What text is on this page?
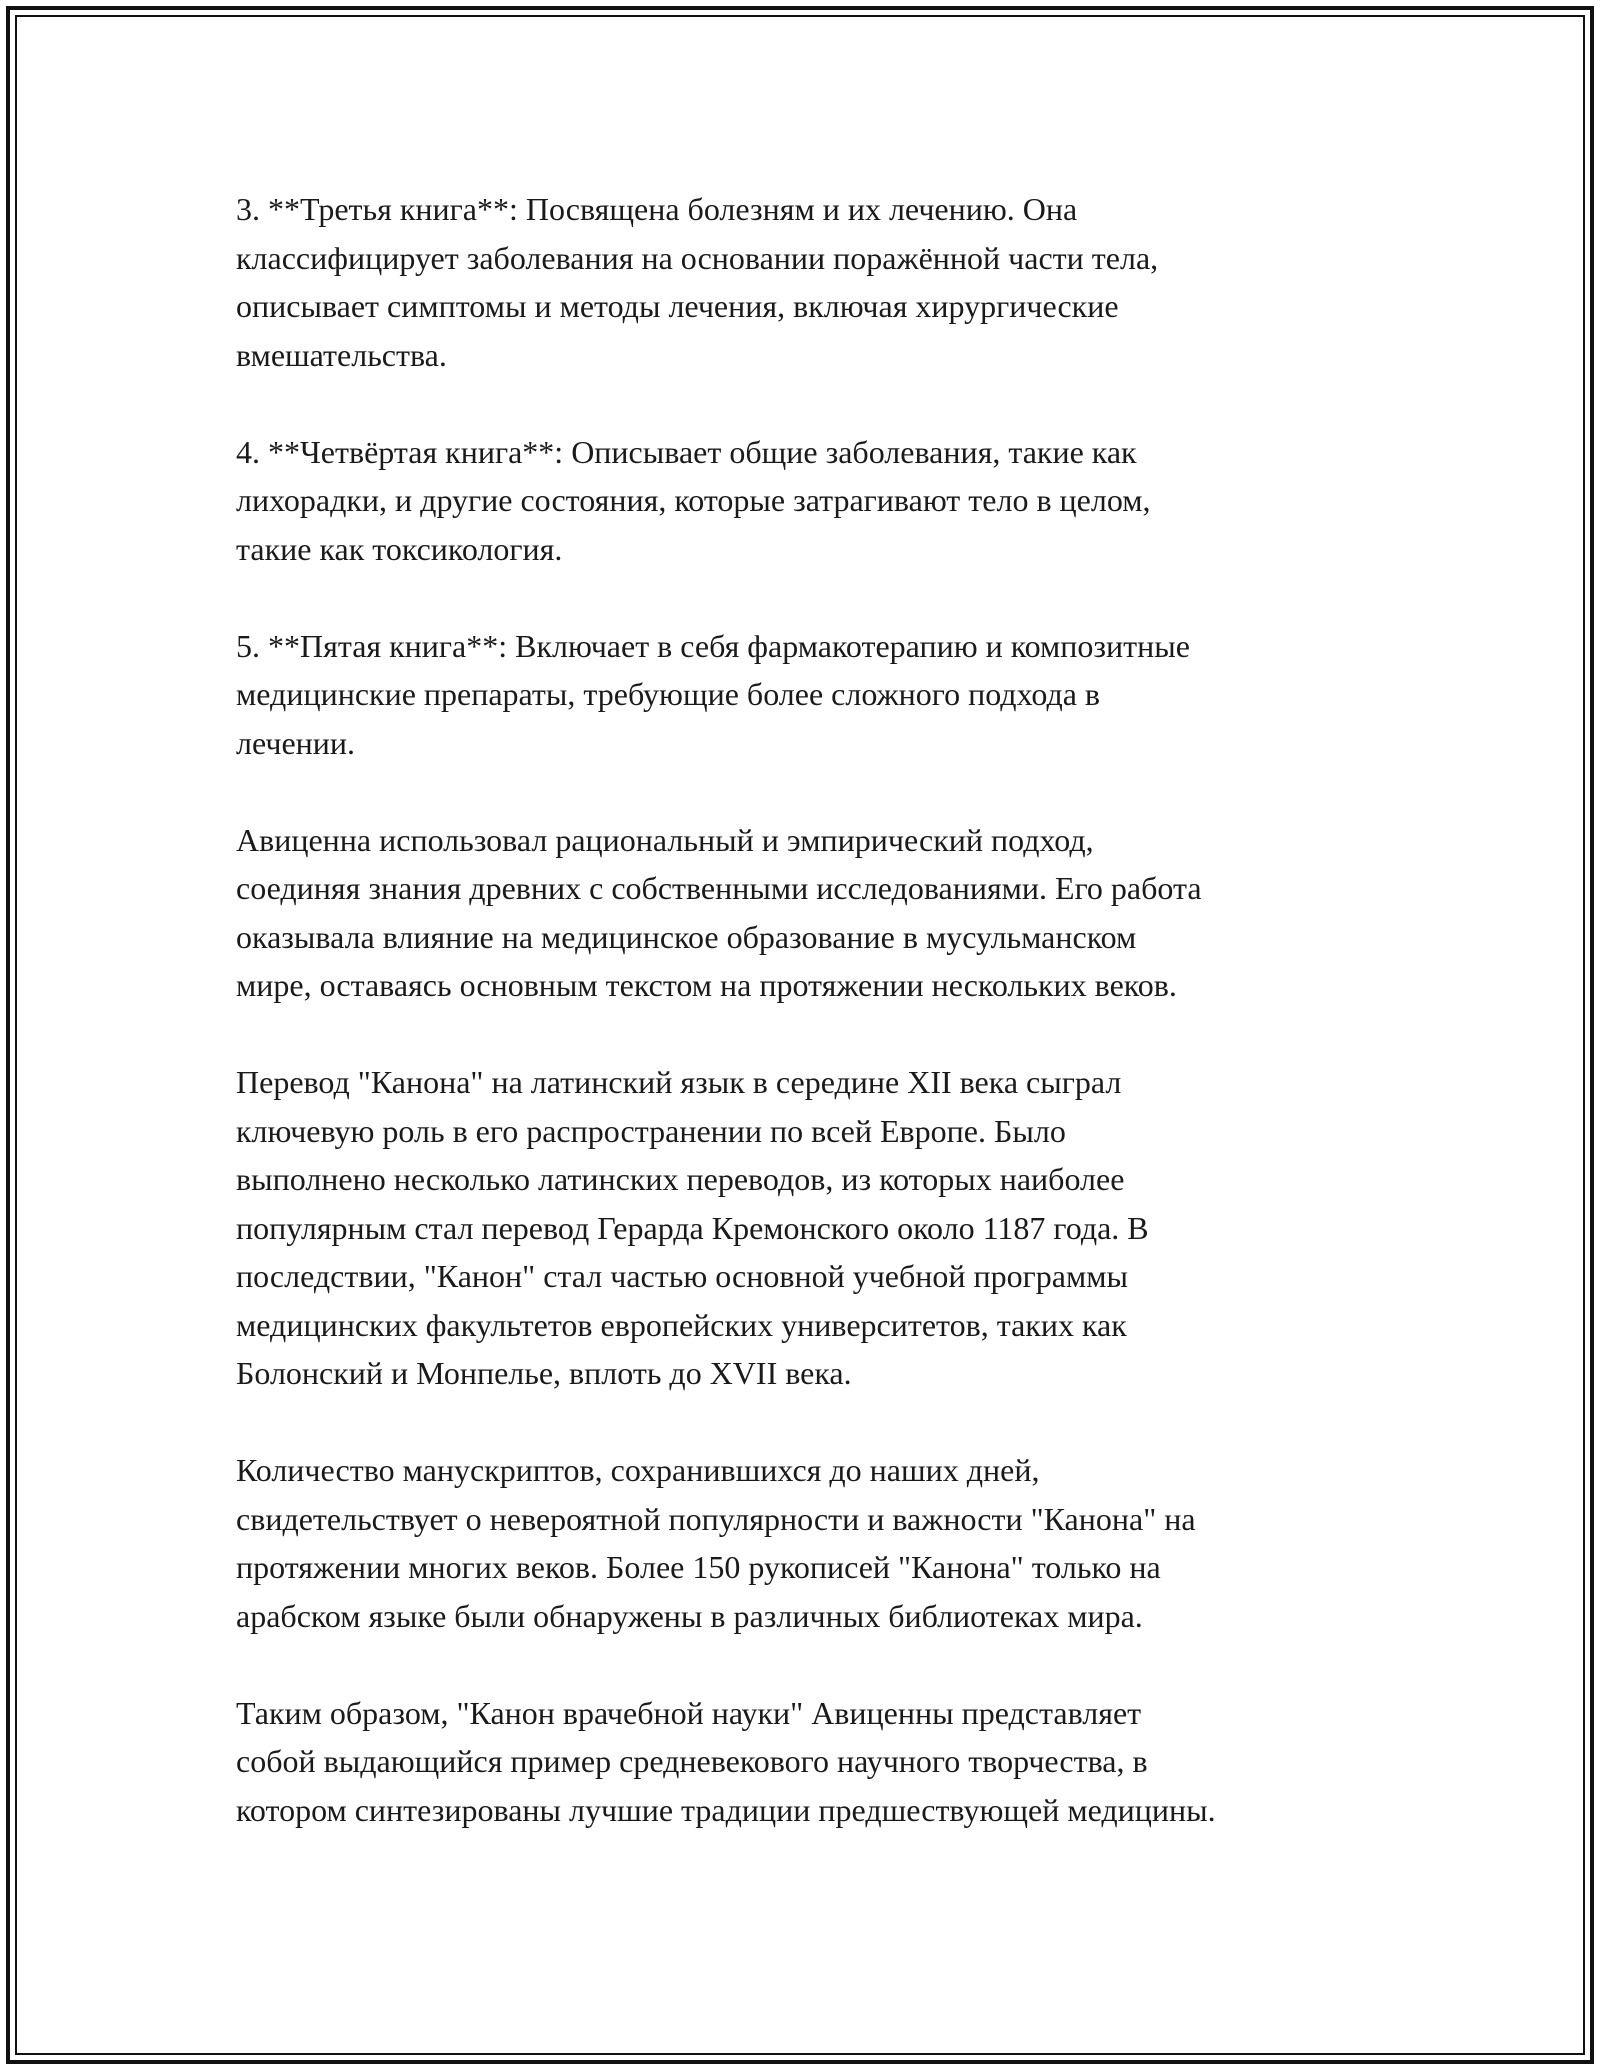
3. **Третья книга**: Посвящена болезням и их лечению. Она
классифицирует заболевания на основании поражённой части тела,
описывает симптомы и методы лечения, включая хирургические
вмешательства.

4. **Четвёртая книга**: Описывает общие заболевания, такие как
лихорадки, и другие состояния, которые затрагивают тело в целом,
такие как токсикология.

5. **Пятая книга**: Включает в себя фармакотерапию и композитные
медицинские препараты, требующие более сложного подхода в
лечении.

Авиценна использовал рациональный и эмпирический подход,
соединяя знания древних с собственными исследованиями. Его работа
оказывала влияние на медицинское образование в мусульманском
мире, оставаясь основным текстом на протяжении нескольких веков.

Перевод "Канона" на латинский язык в середине XII века сыграл
ключевую роль в его распространении по всей Европе. Было
выполнено несколько латинских переводов, из которых наиболее
популярным стал перевод Герарда Кремонского около 1187 года. В
последствии, "Канон" стал частью основной учебной программы
медицинских факультетов европейских университетов, таких как
Болонский и Монпелье, вплоть до XVII века.

Количество манускриптов, сохранившихся до наших дней,
свидетельствует о невероятной популярности и важности "Канона" на
протяжении многих веков. Более 150 рукописей "Канона" только на
арабском языке были обнаружены в различных библиотеках мира.

Таким образом, "Канон врачебной науки" Авиценны представляет
собой выдающийся пример средневекового научного творчества, в
котором синтезированы лучшие традиции предшествующей медицины.
